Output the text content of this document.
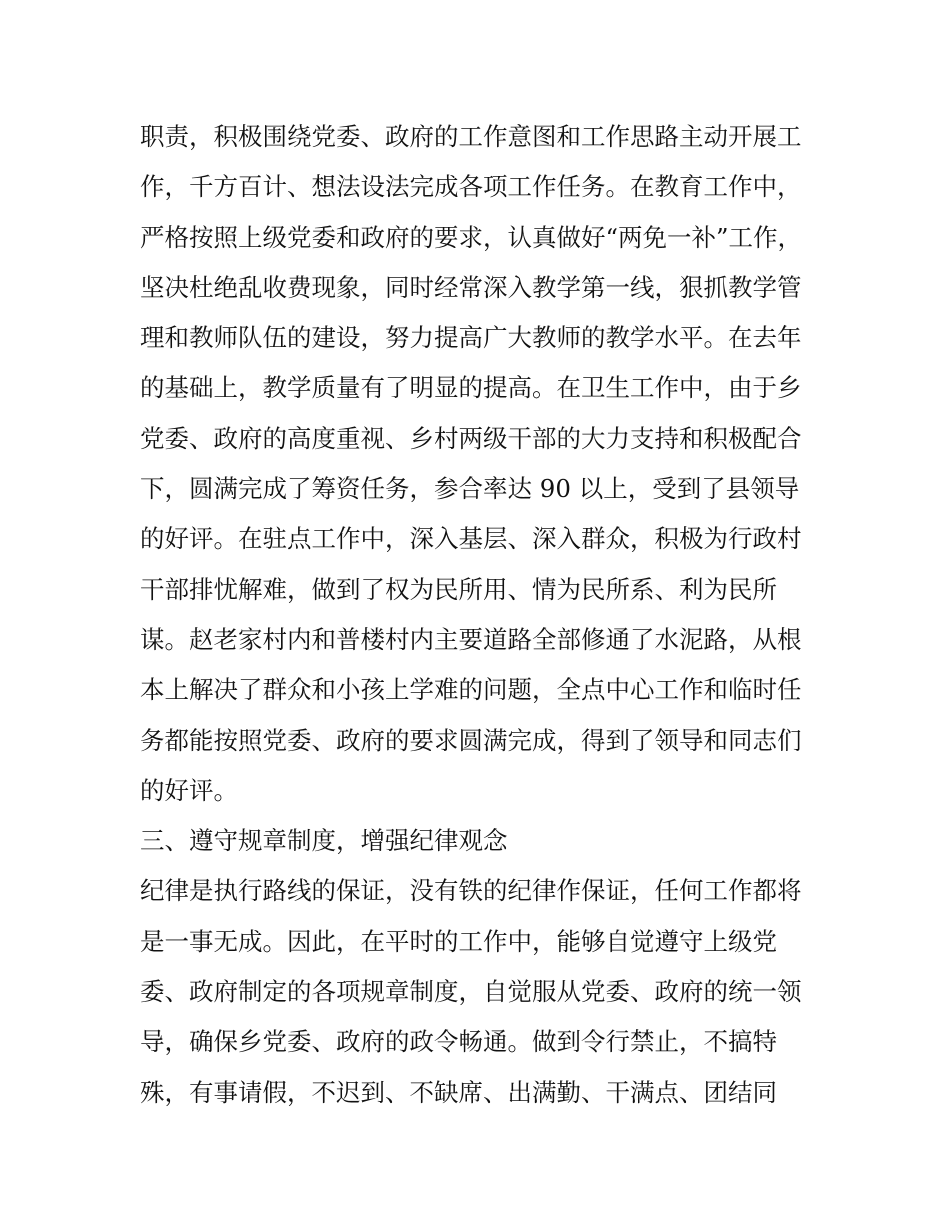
职责，积极围绕党委、政府的工作意图和工作思路主动开展工
作，千方百计、想法设法完成各项工作任务。在教育工作中，
严格按照上级党委和政府的要求，认真做好“两免一补”工作，
坚决杜绝乱收费现象，同时经常深入教学第一线，狠抓教学管
理和教师队伍的建设，努力提高广大教师的教学水平。在去年
的基础上，教学质量有了明显的提高。在卫生工作中，由于乡
党委、政府的高度重视、乡村两级干部的大力支持和积极配合
下，圆满完成了筹资任务，参合率达 90 以上，受到了县领导
的好评。在驻点工作中，深入基层、深入群众，积极为行政村
干部排忧解难，做到了权为民所用、情为民所系、利为民所
谋。赵老家村内和普楼村内主要道路全部修通了水泥路，从根
本上解决了群众和小孩上学难的问题，全点中心工作和临时任
务都能按照党委、政府的要求圆满完成，得到了领导和同志们
的好评。
三、遵守规章制度，增强纪律观念
纪律是执行路线的保证，没有铁的纪律作保证，任何工作都将
是一事无成。因此，在平时的工作中，能够自觉遵守上级党
委、政府制定的各项规章制度，自觉服从党委、政府的统一领
导，确保乡党委、政府的政令畅通。做到令行禁止，不搞特
殊，有事请假，不迟到、不缺席、出满勤、干满点、团结同
